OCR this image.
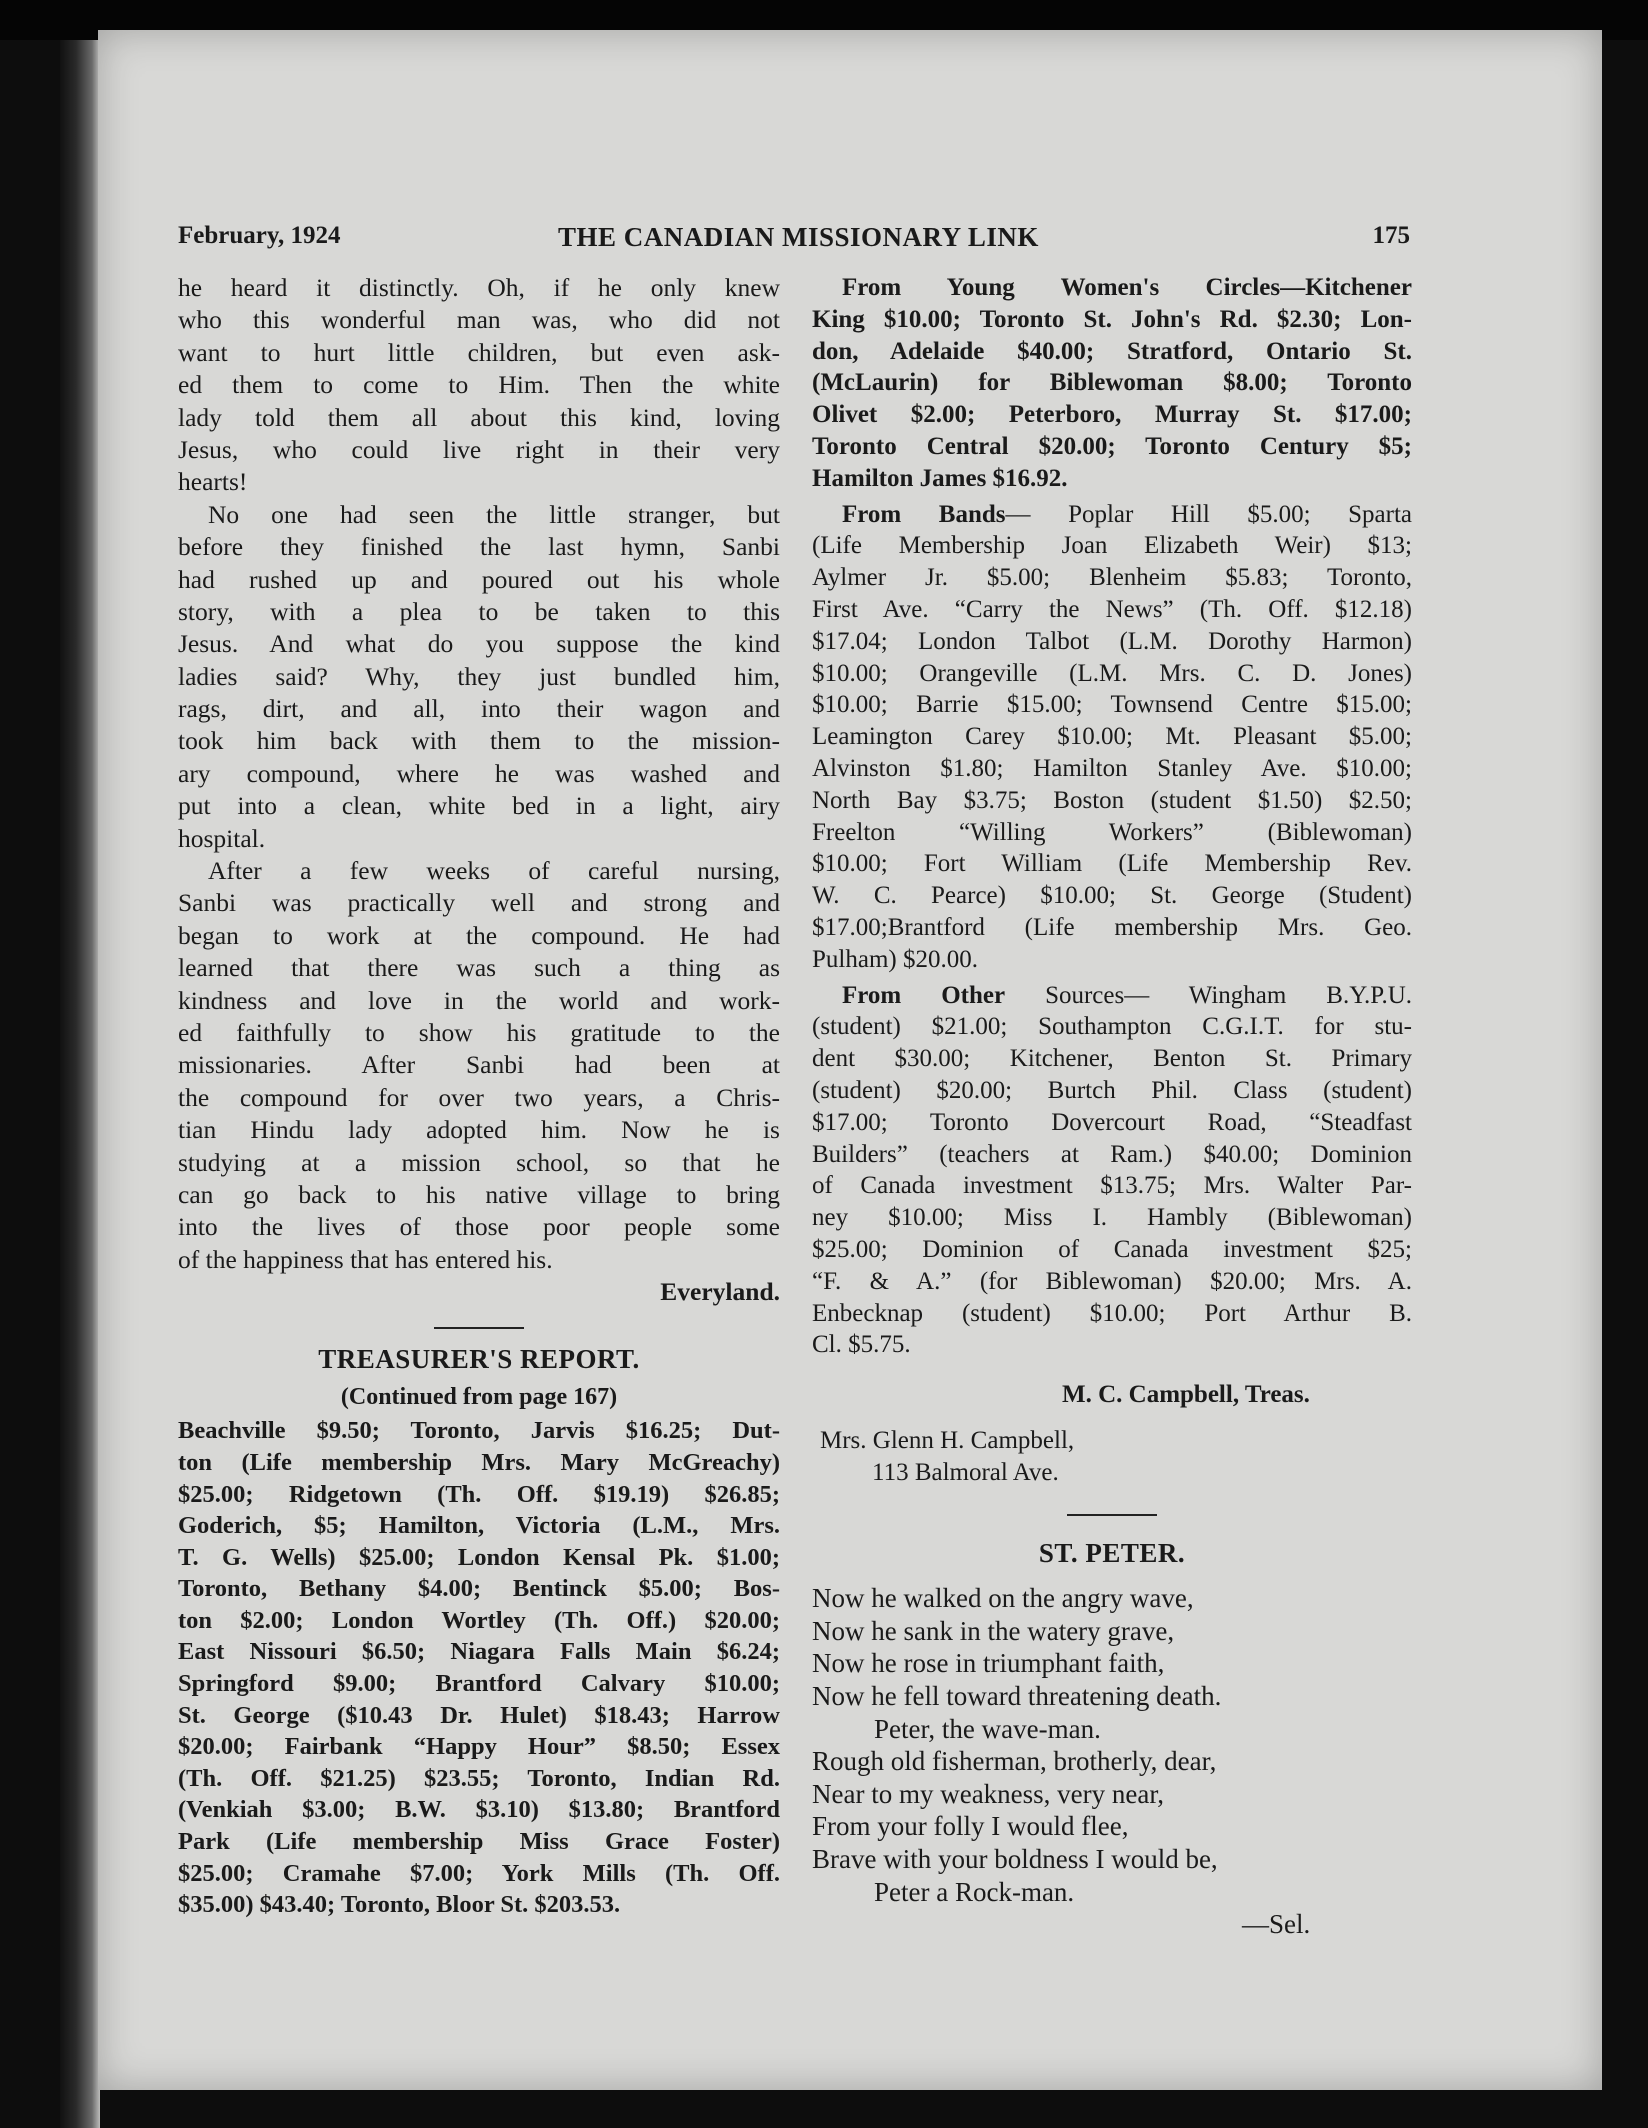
February, 1924	THE CANADIAN MISSIONARY LINK	175
he heard it distinctly. Oh, if he only knew
who this wonderful man was, who did not
want to hurt little children, but even ask-
ed them to come to Him. Then the white
lady told them all about this kind, loving
Jesus, who could live right in their very
hearts!
No one had seen the little stranger, but
before they finished the last hymn, Sanbi
had rushed up and poured out his whole
story, with a plea to be taken to this
Jesus. And what do you suppose the kind
ladies said? Why, they just bundled him,
rags, dirt, and all, into their wagon and
took him back with them to the mission-
ary compound, where he was washed and
put into a clean, white bed in a light, airy
hospital.
After a few weeks of careful nursing,
Sanbi was practically well and strong and
began to work at the compound. He had
learned that there was such a thing as
kindness and love in the world and work-
ed faithfully to show his gratitude to the
missionaries. After Sanbi had been at
the compound for over two years, a Chris-
tian Hindu lady adopted him. Now he is
studying at a mission school, so that he
can go back to his native village to bring
into the lives of those poor people some
of the happiness that has entered his.
Everyland.
TREASURER'S REPORT.
(Continued from page 167)
Beachville $9.50; Toronto, Jarvis $16.25; Dut-
ton (Life membership Mrs. Mary McGreachy)
$25.00; Ridgetown (Th. Off. $19.19) $26.85;
Goderich, $5; Hamilton, Victoria (L.M., Mrs.
T. G. Wells) $25.00; London Kensal Pk. $1.00;
Toronto, Bethany $4.00; Bentinck $5.00; Bos-
ton $2.00; London Wortley (Th. Off.) $20.00;
East Nissouri $6.50; Niagara Falls Main $6.24;
Springford $9.00; Brantford Calvary $10.00;
St. George ($10.43 Dr. Hulet) $18.43; Harrow
$20.00; Fairbank “Happy Hour” $8.50; Essex
(Th. Off. $21.25) $23.55; Toronto, Indian Rd.
(Venkiah $3.00; B.W. $3.10) $13.80; Brantford
Park (Life membership Miss Grace Foster)
$25.00; Cramahe $7.00; York Mills (Th. Off.
$35.00) $43.40; Toronto, Bloor St. $203.53.
From Young Women's Circles—Kitchener
King $10.00; Toronto St. John's Rd. $2.30; Lon-
don, Adelaide $40.00; Stratford, Ontario St.
(McLaurin) for Biblewoman $8.00; Toronto
Olivet $2.00; Peterboro, Murray St. $17.00;
Toronto Central $20.00; Toronto Century $5;
Hamilton James $16.92.
From Bands— Poplar Hill $5.00; Sparta
(Life Membership Joan Elizabeth Weir) $13;
Aylmer Jr. $5.00; Blenheim $5.83; Toronto,
First Ave. “Carry the News” (Th. Off. $12.18)
$17.04; London Talbot (L.M. Dorothy Harmon)
$10.00; Orangeville (L.M. Mrs. C. D. Jones)
$10.00; Barrie $15.00; Townsend Centre $15.00;
Leamington Carey $10.00; Mt. Pleasant $5.00;
Alvinston $1.80; Hamilton Stanley Ave. $10.00;
North Bay $3.75; Boston (student $1.50) $2.50;
Freelton “Willing Workers” (Biblewoman)
$10.00; Fort William (Life Membership Rev.
W. C. Pearce) $10.00; St. George (Student)
$17.00;Brantford (Life membership Mrs. Geo.
Pulham) $20.00.
From Other Sources— Wingham B.Y.P.U.
(student) $21.00; Southampton C.G.I.T. for stu-
dent $30.00; Kitchener, Benton St. Primary
(student) $20.00; Burtch Phil. Class (student)
$17.00; Toronto Dovercourt Road, “Steadfast
Builders” (teachers at Ram.) $40.00; Dominion
of Canada investment $13.75; Mrs. Walter Par-
ney $10.00; Miss I. Hambly (Biblewoman)
$25.00; Dominion of Canada investment $25;
“F. & A.” (for Biblewoman) $20.00; Mrs. A.
Enbecknap (student) $10.00; Port Arthur B.
Cl. $5.75.
M. C. Campbell, Treas.
Mrs. Glenn H. Campbell,
113 Balmoral Ave.
ST. PETER.
Now he walked on the angry wave,
Now he sank in the watery grave,
Now he rose in triumphant faith,
Now he fell toward threatening death.
Peter, the wave-man.
Rough old fisherman, brotherly, dear,
Near to my weakness, very near,
From your folly I would flee,
Brave with your boldness I would be,
Peter a Rock-man.
—Sel.
